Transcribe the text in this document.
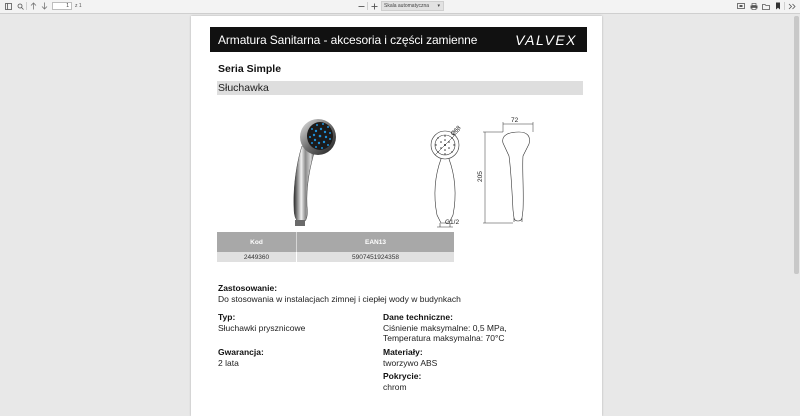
1
z 1	Skala automatyczna ▾
Armatura Sanitarna - akcesoria i części zamienne	VALVEX
Seria Simple
Słuchawka
Ø68
G1/2
72
205
Kod	EAN13
2449360	5907451924358
Zastosowanie:
Do stosowania w instalacjach zimnej i ciepłej wody w budynkach
Typ:
Słuchawki prysznicowe
Gwarancja:
2 lata
Dane techniczne:
Ciśnienie maksymalne: 0,5 MPa,
Temperatura maksymalna: 70°C
Materiały:
tworzywo ABS
Pokrycie:
chrom
